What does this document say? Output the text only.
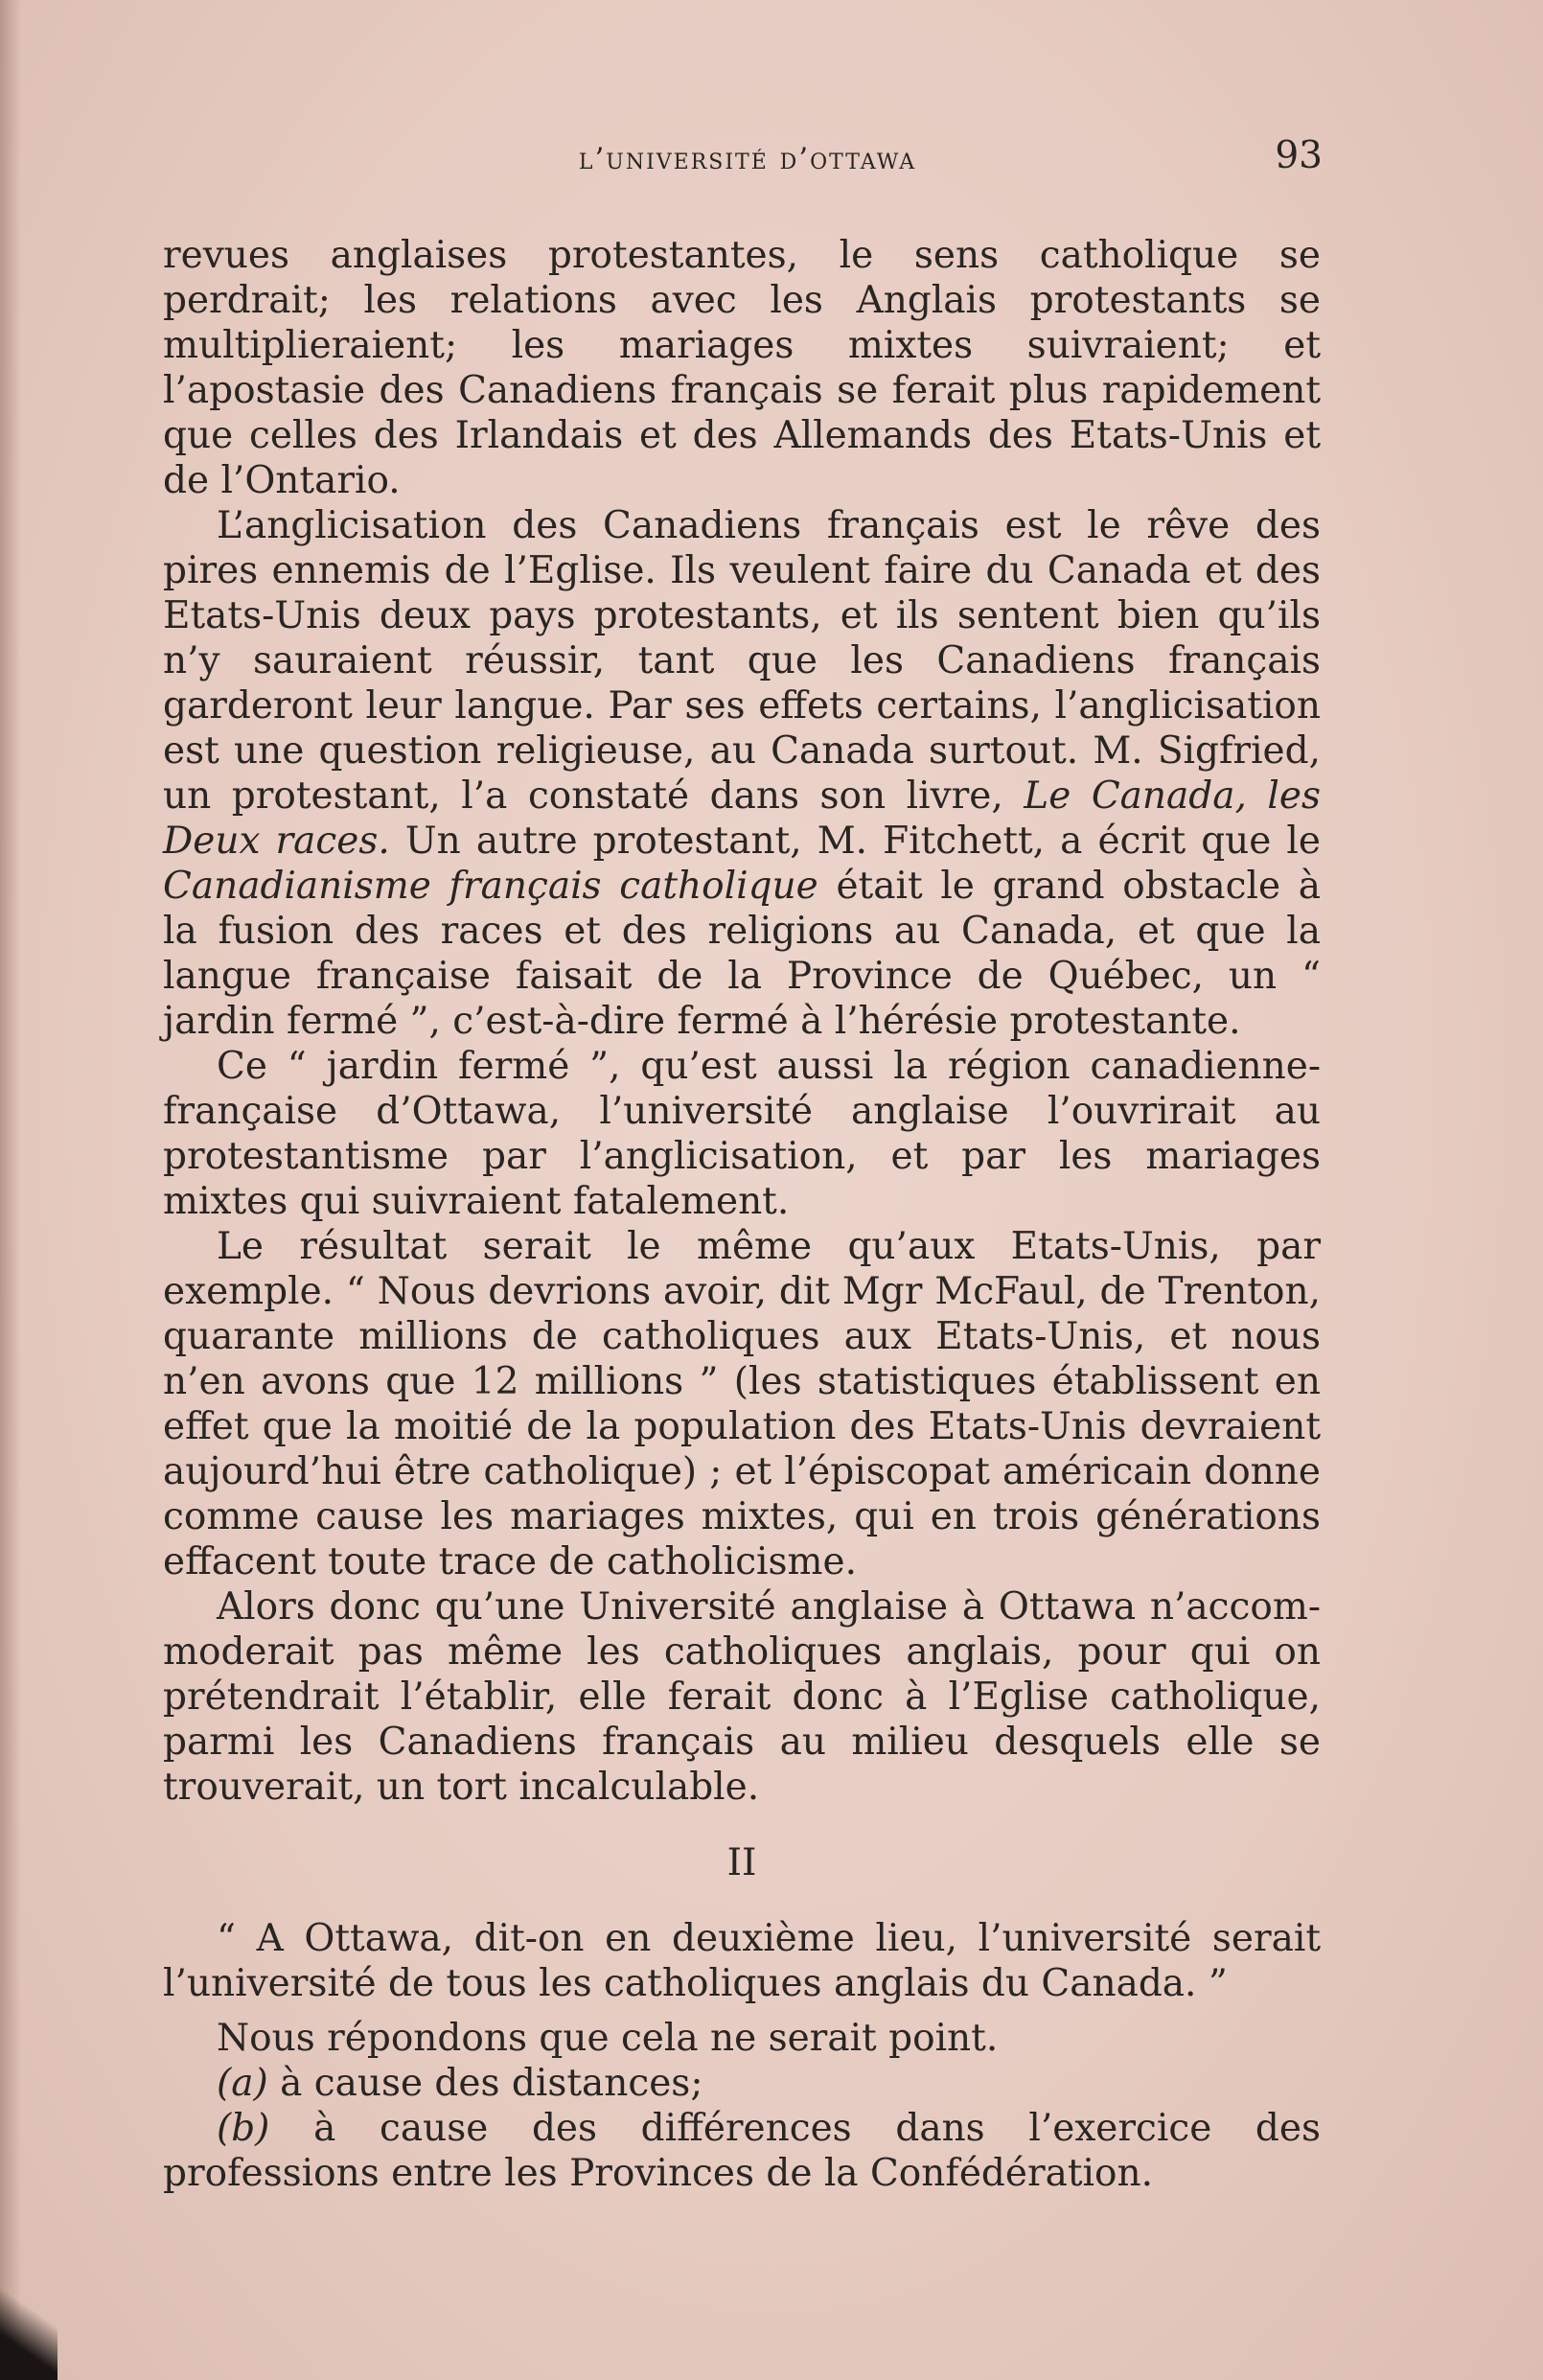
l’université d’ottawa	93

revues anglaises protestantes, le sens catholique se perdrait; les relations avec les Anglais protestants se multiplieraient; les mariages mixtes suivraient; et l’apostasie des Canadiens français se ferait plus rapidement que celles des Irlandais et des Allemands des Etats-Unis et de l’Ontario.

L’anglicisation des Canadiens français est le rêve des pires ennemis de l’Eglise. Ils veulent faire du Canada et des Etats-Unis deux pays protestants, et ils sentent bien qu’ils n’y sauraient réussir, tant que les Canadiens français garderont leur langue. Par ses effets certains, l’anglicisation est une question religieuse, au Canada surtout. M. Sigfried, un protestant, l’a constaté dans son livre, Le Canada, les Deux races. Un autre protestant, M. Fitchett, a écrit que le Canadianisme français catholique était le grand obstacle à la fusion des races et des religions au Canada, et que la langue française faisait de la Province de Québec, un “ jardin fermé ”, c’est-à-dire fermé à l’hérésie protestante.

Ce “ jardin fermé ”, qu’est aussi la région canadienne-française d’Ottawa, l’université anglaise l’ouvrirait au protestantisme par l’anglicisation, et par les mariages mixtes qui suivraient fatalement.

Le résultat serait le même qu’aux Etats-Unis, par exemple. “ Nous devrions avoir, dit Mgr McFaul, de Trenton, quarante millions de catholiques aux Etats-Unis, et nous n’en avons que 12 millions ” (les statistiques établissent en effet que la moitié de la population des Etats-Unis devraient aujourd’hui être catholique) ; et l’épiscopat américain donne comme cause les mariages mixtes, qui en trois générations effacent toute trace de catholicisme.

Alors donc qu’une Université anglaise à Ottawa n’accommoderait pas même les catholiques anglais, pour qui on prétendrait l’établir, elle ferait donc à l’Eglise catholique, parmi les Canadiens français au milieu desquels elle se trouverait, un tort incalculable.

II

“ A Ottawa, dit-on en deuxième lieu, l’université serait l’université de tous les catholiques anglais du Canada. ”

Nous répondons que cela ne serait point.

(a) à cause des distances;

(b) à cause des différences dans l’exercice des professions entre les Provinces de la Confédération.
